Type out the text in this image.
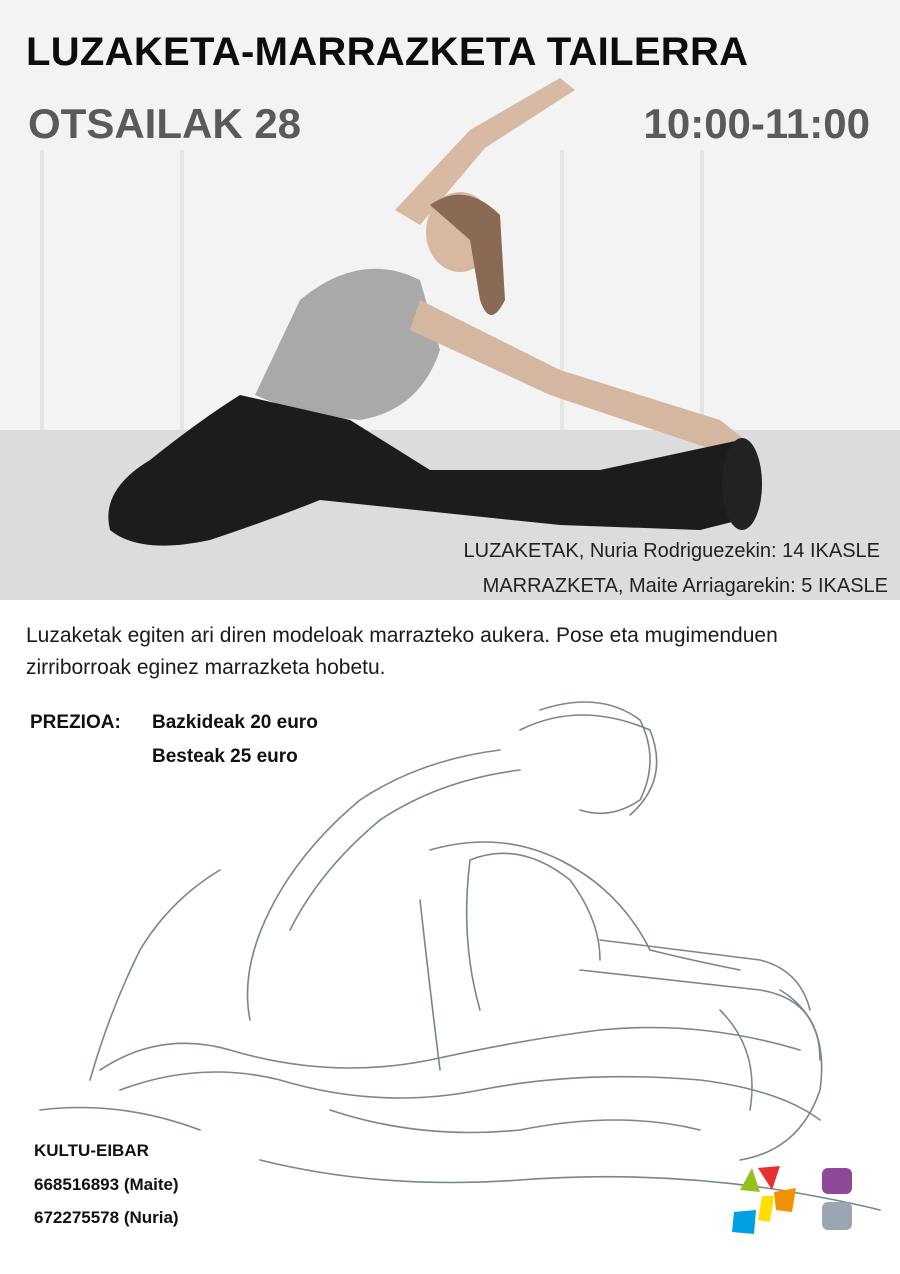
LUZAKETA-MARRAZKETA TAILERRA
OTSAILAK 28	10:00-11:00
LUZAKETAK, Nuria Rodriguezekin: 14 IKASLE
MARRAZKETA, Maite Arriagarekin: 5 IKASLE
Luzaketak egiten ari diren modeloak marrazteko aukera. Pose eta mugimenduen zirriborroak eginez marrazketa hobetu.
PREZIOA: Bazkideak 20 euro
Besteak 25 euro
KULTU-EIBAR
668516893 (Maite)
672275578 (Nuria)
